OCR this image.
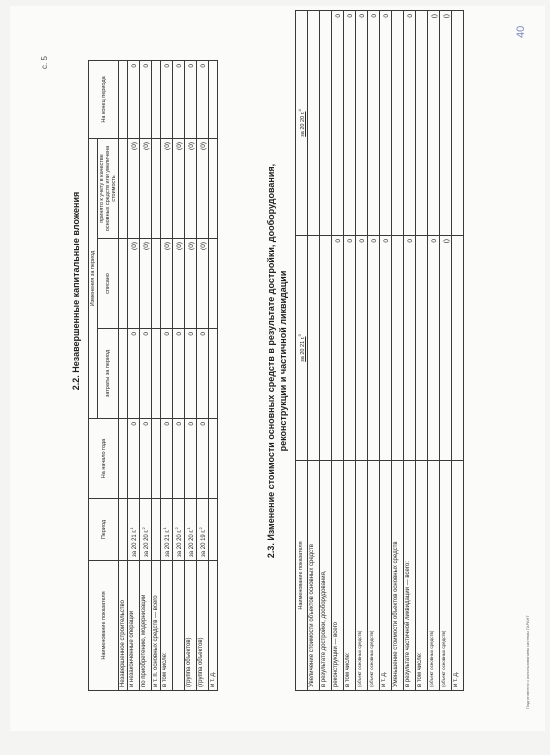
Подготовлено с использованием системы ГАРАНТ
с. 5
2.2. Незавершенные капитальные вложения
Наименование показателя	Период	На начало года	Изменения за период			На конец периода
			затраты за период	списано	принято к учету в качестве основных средств или увеличена стоимость	
Незавершенное строительство						
и незаконченные операции	за 20 21 г.$^1$	0	0	(0)	(0)	0
по приобретению, модернизации	за 20 20 г.$^2$	0	0	(0)	(0)	0
и т. п. основных средств — всего						
в том числе:	за 20 21 г.$^1$	0	0	(0)	(0)	0
	за 20 20 г.$^2$	0	0	(0)	(0)	0
(группа объектов)	за 20 20 г.$^1$	0	0	(0)	(0)	0
(группа объектов)	за 20 19 г.$^2$	0	0	(0)	(0)	0
и т. д.						
2.3. Изменение стоимости основных средств в результате достройки, дооборудования, реконструкции и частичной ликвидации
Наименование показателя	за 20 21 г.$^3$	за 20 20 г.$^4$
Увеличение стоимости объектов основных средств		
в результате достройки, дооборудования,		
реконструкции — всего	0	0
в том числе:	0	0
(объект основных средств)	0	0
(объект основных средств)	0	0
и т. д.	0	0
Уменьшение стоимости объектов основных средств		
в результате частичной ликвидации — всего:	0	0
в том числе:		
(объект основных средств)	0	()
(объект основных средств)	()	()
и т. д.		
40
